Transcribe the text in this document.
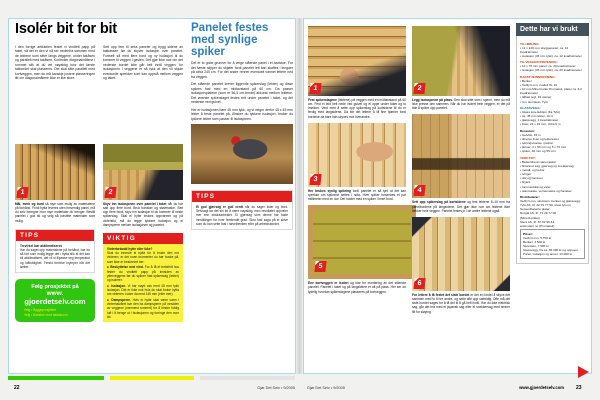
Isolér bit for bit

I den forrige artikkelen festet vi vindtett papp på taket, så det er den vi nå ser nedenfra sammen med de lektene som sitter langs veggene, under takåsen og parallelt med takåsen. Kontroller diagonalmålene i rommet slik at du vet nøyaktig hvor det første takbordet skal plasseres. Det skal sitte parallelt med kortveggen, men du må kanskje justere plasseringen litt om diagonalmålene ikke er like store.

1

Mål, merk og bunt så mye som mulig av materialene på forhånd. Fordi hytta leveres uten innvendig panel, må du selv beregne hvor mye materialer du trenger. Bestill panelet i god tid og velg så kvistfrie materialer som mulig.

TIPS
Trevirket bør akklimatiseres
Har du saget opp materialene på forhånd, bør du så fort som mulig legge det i hytta slik at det kan bli akklimatisert, det vil si tilpasse seg temperatur og luftfuktighet. Ferskt trevirke krymper når det tørker.
Følg prosjektet på
www.
gjoerdetselv.com
Velg • Byggeprosjekter
Velg • Badstue med badstuovn

Sett opp fem til seks paneler og bygg sidene av takkassen før du skyver isolasjon over panelet. Fortsett så med flere bord og ny isolasjon til du kommer til veggen i gavlen. Det gjør ikke noe om det nederste bordet ikke går helt inntil veggen, for isolasjonen i veggene er så tykk at den vil skjule eventuelle sprekker som kan oppstå mellom veggen og taket.

2

Skyv inn isolasjonen over panelet i taket når du har satt opp flere bord. Bruk hansker og støvmaske. Sett opp flere bord, skyv inn isolasjon til du kommer til neste spikerslag. Skal ei hytte brukes oppvarmet og på vinterstid, må du legge tykkere isolasjon og ei dampsperre mellom isolasjonen og panelet.

VIKTIG
Vinterbebodd hytte eller ikke?
Skal du innrede ei hytte for å bruke den om vinteren, er det noen momenter du bør huske på, som ikke er beskrevet her:
■ Beskyttelse mot vind. For å få et trekkfritt hus fester du vindtett papp på innsiden av ytterveggene før du spikrer fast spikerslag (lekter) og isolerer.
■ Isolasjon. Vi har nøyd oss med 45 mm tykk isolasjon. Det er ikke nok hvis du skal bruke hytta om vinteren. Isoler da med 145 mm (eller mer).
■ Dampsperre. Hvis ei hytte skal være varm i vinterhalvåret bør den ha dampsperre på innsiden av veggene (nærmest rommet) for å hindre fuktig luft i å trenge ut i isolasjonen og forringe den over tid.
Panelet festes
med synlige spiker

Det er to gode grunner for å velge stående panel i ei badstue. For det første slipper du skjøter fordi panelet lett kan skaffes i lengder på cirka 240 cm. For det andre renner eventuelt vannet lettere ned fra veggen.

Det stående panelet krever liggende spikerslag (lekter) og disse spikres fast med en midtavstand på 60 cm. Da passer isolasjonsplatene (som er 56,5 cm brede) akkurat mellom lektene. Det øverste spikerslaget festes rett under panelet i taket, og det nederste ved gulvet.

Her er isolasjonen bare 45 mm tykk, og vi velger derfor 45 x 45 mm lekter å feste panelet på. Ønsker du tykkere isolasjon, bruker du tykkere lekter som passer til isolasjonen.

TIPS
Ei god gjærsag er gull verdt når du sager lister og bord. Selvsagt tar det sin tid å være nøyaktig, men resultatet oppveier mer enn ekstraarbeidet. Ei gjærsag som denne har faste innstillinger for hver femtende grad. Skru fast saga på ei skive som du kan sette fast i høvelbenken eller på arbeidsbordet.
1

Fest spikerslagene (lektene) på veggen med en midtavstand på 60 cm. Fest ei lekt helt nede ved gulvet og ei oppe under taket og to imellom. Vent med å sette opp spikerslag på kortsidene til du er ferdig med langsidene. Da blir det lettere å få fine hjørner fordi bordene da bare kan skyves mot hverandre.

3

Her brukes synlig spikring fordi panelet er så tynt at det kan sprekke om spikrene settes i nota. Hver spiker forsenkes et par millimeter med en dor. Det holder med en spiker i hvert bord.

5

Ene kortveggen er isolert og klar for montering av det stående panelet. Panelet i taket og på langsidene er alt på plass. Her ser du tydelig hvordan spikerslagene plasseres på kortveggen.

2

Legg isolasjonen på plass. Den skal sitte som i spenn, men du må ikke presse den sammen. Når du har isolert hele veggen, er det på tide å spikre opp panelet.

4

Sett opp spikerslag på kortsidene og fest lektene 8–10 mm fra panelbordene på langsidene. Det gjør ikke noe om lektene ikke dekker hele veggen. Panelet festes jo i de andre lektene også.

6

For lettere å få festet det siste bordet er det en fordel å skyve det sammen med to til tre andre, og sette alle opp samtidig. Ofte må det siste bordet sages for å få det til å gå helt inntil. Har du ikke elektrisk sag, går det bra med ei japansk sag eller ei snekkersag med tenner filt for sløying.

Dette har vi brukt
TIL HIMLING:
• 12 x 120 mm skyggepanel, ca. 12 kvadratmeter
• isolasjon (45 mm tykk), ca. 12 kvadratmeter
TIL VEGGER INNVENDIG:
• 12 x 70 mm panel, ca. 20 kvadratmeter
• isolasjon (45 mm tykk), ca. 20 kvadratmeter
BADSTUEINNREDNING:
• Benker
• Vedfyrt ovn, modell KL 16
• 10 mm Minerit eller Promatek, plater ca. 4,2 kvadratmeter
• Ildfast tegl, 15 steiner
• 3 m skorstein, Tylö
GLASSVEGG:
• Glass Line Edition (fra Tylö)
• ca. 45 mm lekter, 10 m
• glassvegg, 2 kvadratmeter
• lister, 21 x 21 mm, cirka 6 m
Dessuten:
• Gulvlist, 15 m
• diverse lister og lekterester
• tetningsmasse i patron
• skruer, 4 x 50 mm og 5 x 70 mm
• spiker, 40 mm og 55 mm
VERKTØY:
• Batteridrevet skrumaskin
• fintannet sag, gjærsag og snekkersag
• metall- og trebor
• tvinger
• dor og hammer
• blyant
• tommestokk og vater
• støvmaske, vernemaske og hansker
Distributører:
Vedfyrt ovn, skorstein, benker og glassvegg:
Tylö AS, tlf. 22 79 77 50, www.tylo.no
Sementbaserte plater:
Norgal AS, tlf. 71 29 77 00
(Minerit-plater)
Steni AS, tlf. 67 02 96 44,
www.steni.no (Promatek)
Priser:
Vedfyrt ovn, 5.700 kr
Benker, 3.500 kr
Skorstein, 7.500 kr
Glassvegg, fra ca. 36.000 kr og oppover
Panel, isolasjon og annet, 13.000 kr
22	Gjør Det Selv • 9/2005	Gjør Det Selv • 9/2005	www.gjoerdetselv.com 23
